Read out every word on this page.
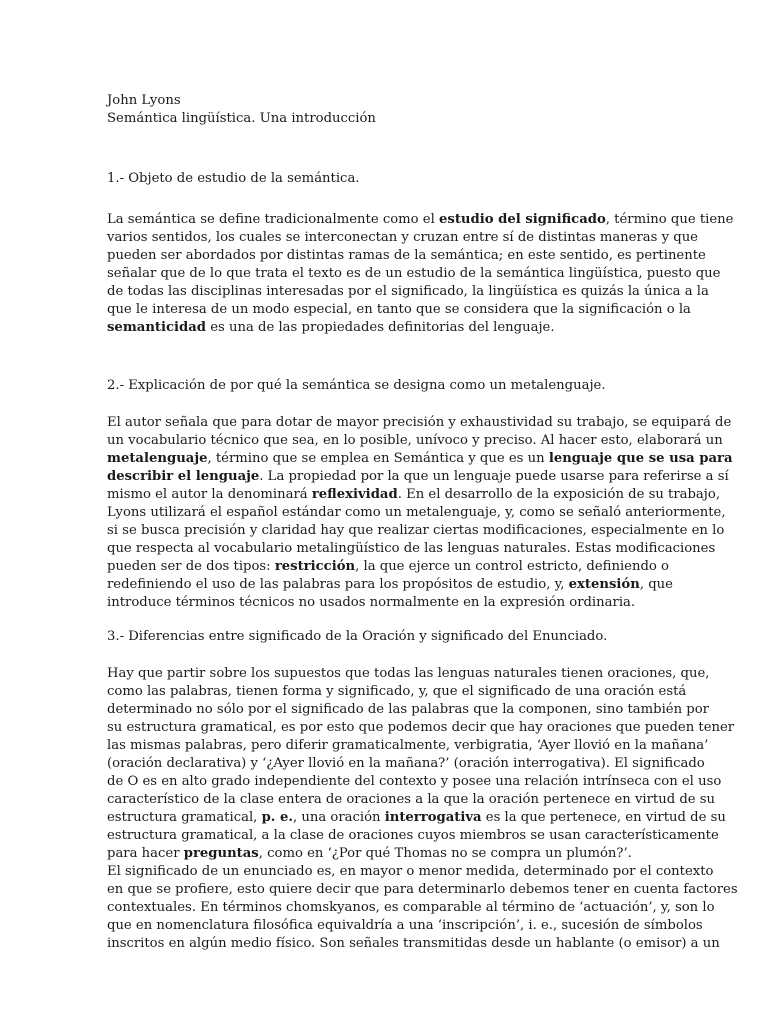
John Lyons
Semántica lingüística. Una introducción
1.- Objeto de estudio de la semántica.
La semántica se define tradicionalmente como el estudio del significado, término que tiene
varios sentidos, los cuales se interconectan y cruzan entre sí de distintas maneras y que
pueden ser abordados por distintas ramas de la semántica; en este sentido, es pertinente
señalar que de lo que trata el texto es de un estudio de la semántica lingüística, puesto que
de todas las disciplinas interesadas por el significado, la lingüística es quizás la única a la
que le interesa de un modo especial, en tanto que se considera que la significación o la
semanticidad es una de las propiedades definitorias del lenguaje.
2.- Explicación de por qué la semántica se designa como un metalenguaje.
El autor señala que para dotar de mayor precisión y exhaustividad su trabajo, se equipará de
un vocabulario técnico que sea, en lo posible, unívoco y preciso. Al hacer esto, elaborará un
metalenguaje, término que se emplea en Semántica y que es un lenguaje que se usa para
describir el lenguaje. La propiedad por la que un lenguaje puede usarse para referirse a sí
mismo el autor la denominará reflexividad. En el desarrollo de la exposición de su trabajo,
Lyons utilizará el español estándar como un metalenguaje, y, como se señaló anteriormente,
si se busca precisión y claridad hay que realizar ciertas modificaciones, especialmente en lo
que respecta al vocabulario metalingüístico de las lenguas naturales. Estas modificaciones
pueden ser de dos tipos: restricción, la que ejerce un control estricto, definiendo o
redefiniendo el uso de las palabras para los propósitos de estudio, y, extensión, que
introduce términos técnicos no usados normalmente en la expresión ordinaria.
3.- Diferencias entre significado de la Oración y significado del Enunciado.
Hay que partir sobre los supuestos que todas las lenguas naturales tienen oraciones, que,
como las palabras, tienen forma y significado, y, que el significado de una oración está
determinado no sólo por el significado de las palabras que la componen, sino también por
su estructura gramatical, es por esto que podemos decir que hay oraciones que pueden tener
las mismas palabras, pero diferir gramaticalmente, verbigratia, ‘Ayer llovió en la mañana’
(oración declarativa) y ‘¿Ayer llovió en la mañana?’ (oración interrogativa). El significado
de O es en alto grado independiente del contexto y posee una relación intrínseca con el uso
característico de la clase entera de oraciones a la que la oración pertenece en virtud de su
estructura gramatical, p. e., una oración interrogativa es la que pertenece, en virtud de su
estructura gramatical, a la clase de oraciones cuyos miembros se usan característicamente
para hacer preguntas, como en ‘¿Por qué Thomas no se compra un plumón?’.
El significado de un enunciado es, en mayor o menor medida, determinado por el contexto
en que se profiere, esto quiere decir que para determinarlo debemos tener en cuenta factores
contextuales. En términos chomskyanos, es comparable al término de ‘actuación’, y, son lo
que en nomenclatura filosófica equivaldría a una ‘inscripción’, i. e., sucesión de símbolos
inscritos en algún medio físico. Son señales transmitidas desde un hablante (o emisor) a un
